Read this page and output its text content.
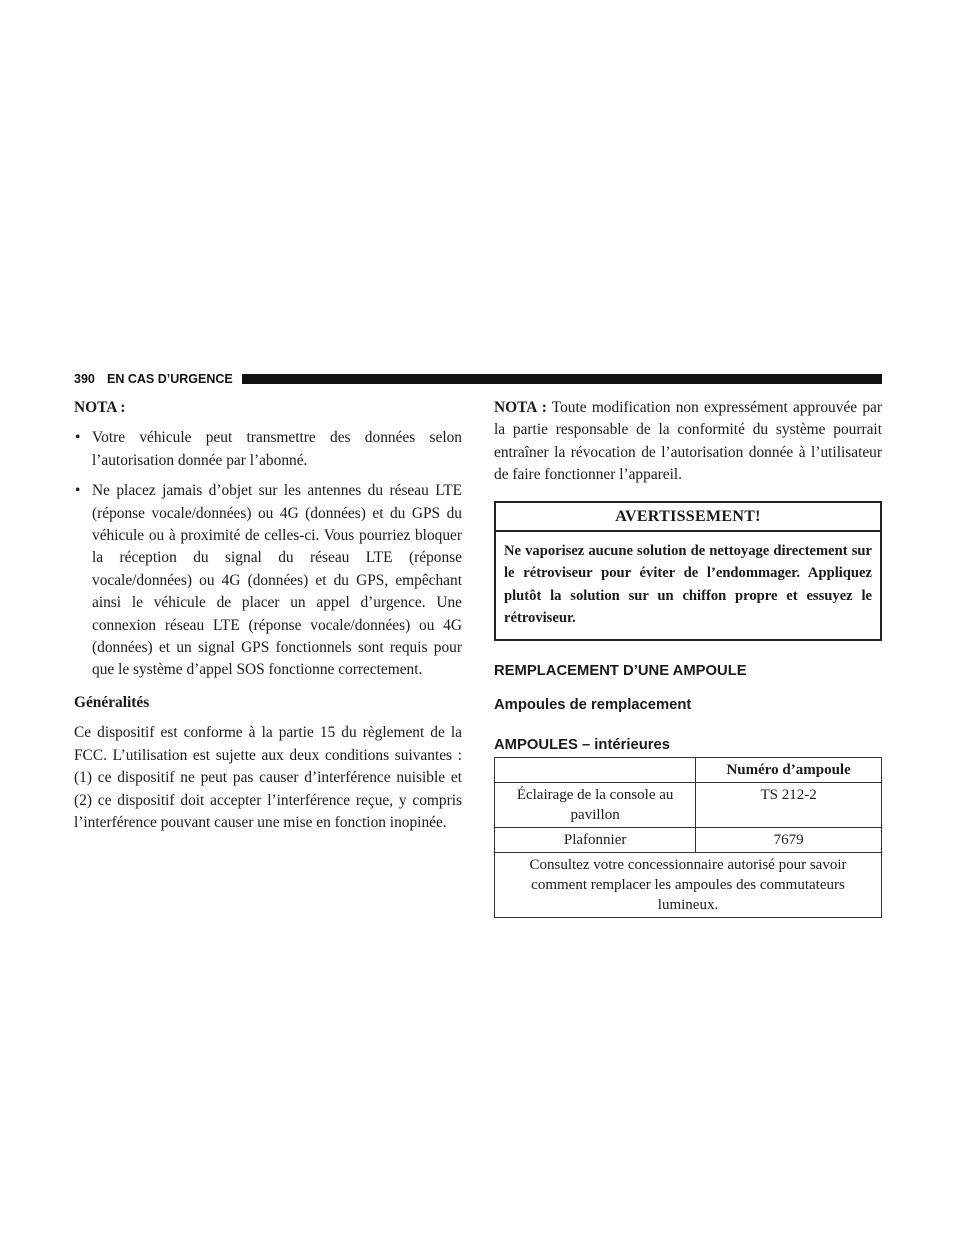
390 EN CAS D’URGENCE
NOTA :
• Votre véhicule peut transmettre des données selon l’autorisation donnée par l’abonné.
• Ne placez jamais d’objet sur les antennes du réseau LTE (réponse vocale/données) ou 4G (données) et du GPS du véhicule ou à proximité de celles-ci. Vous pourriez bloquer la réception du signal du réseau LTE (réponse vocale/données) ou 4G (données) et du GPS, empêchant ainsi le véhicule de placer un appel d’urgence. Une connexion réseau LTE (réponse vocale/données) ou 4G (données) et un signal GPS fonctionnels sont requis pour que le système d’appel SOS fonctionne correctement.
Généralités

Ce dispositif est conforme à la partie 15 du règlement de la FCC. L’utilisation est sujette aux deux conditions suivantes : (1) ce dispositif ne peut pas causer d’interférence nuisible et (2) ce dispositif doit accepter l’interférence reçue, y compris l’interférence pouvant causer une mise en fonction inopinée.

NOTA : Toute modification non expressément approuvée par la partie responsable de la conformité du système pourrait entraîner la révocation de l’autorisation donnée à l’utilisateur de faire fonctionner l’appareil.

AVERTISSEMENT!
Ne vaporisez aucune solution de nettoyage directement sur le rétroviseur pour éviter de l’endommager. Appliquez plutôt la solution sur un chiffon propre et essuyez le rétroviseur.
REMPLACEMENT D’UNE AMPOULE
Ampoules de remplacement
AMPOULES – intérieures
	Numéro d’ampoule
Éclairage de la console au pavillon	TS 212-2
Plafonnier	7679
Consultez votre concessionnaire autorisé pour savoir comment remplacer les ampoules des commutateurs lumineux.	
